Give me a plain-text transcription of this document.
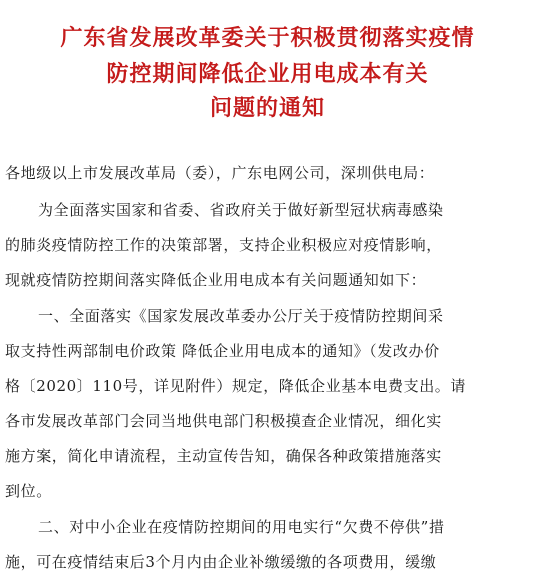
广东省发展改革委关于积极贯彻落实疫情
防控期间降低企业用电成本有关
问题的通知
各地级以上市发展改革局（委），广东电网公司，深圳供电局：
为全面落实国家和省委、省政府关于做好新型冠状病毒感染
的肺炎疫情防控工作的决策部署，支持企业积极应对疫情影响，
现就疫情防控期间落实降低企业用电成本有关问题通知如下：
一、全面落实《国家发展改革委办公厅关于疫情防控期间采
取支持性两部制电价政策 降低企业用电成本的通知》（发改办价
格〔2020〕110号，详见附件）规定，降低企业基本电费支出。请
各市发展改革部门会同当地供电部门积极摸查企业情况，细化实
施方案，简化申请流程，主动宣传告知，确保各种政策措施落实
到位。
二、对中小企业在疫情防控期间的用电实行“欠费不停供”措
施，可在疫情结束后3个月内由企业补缴缓缴的各项费用，缓缴
